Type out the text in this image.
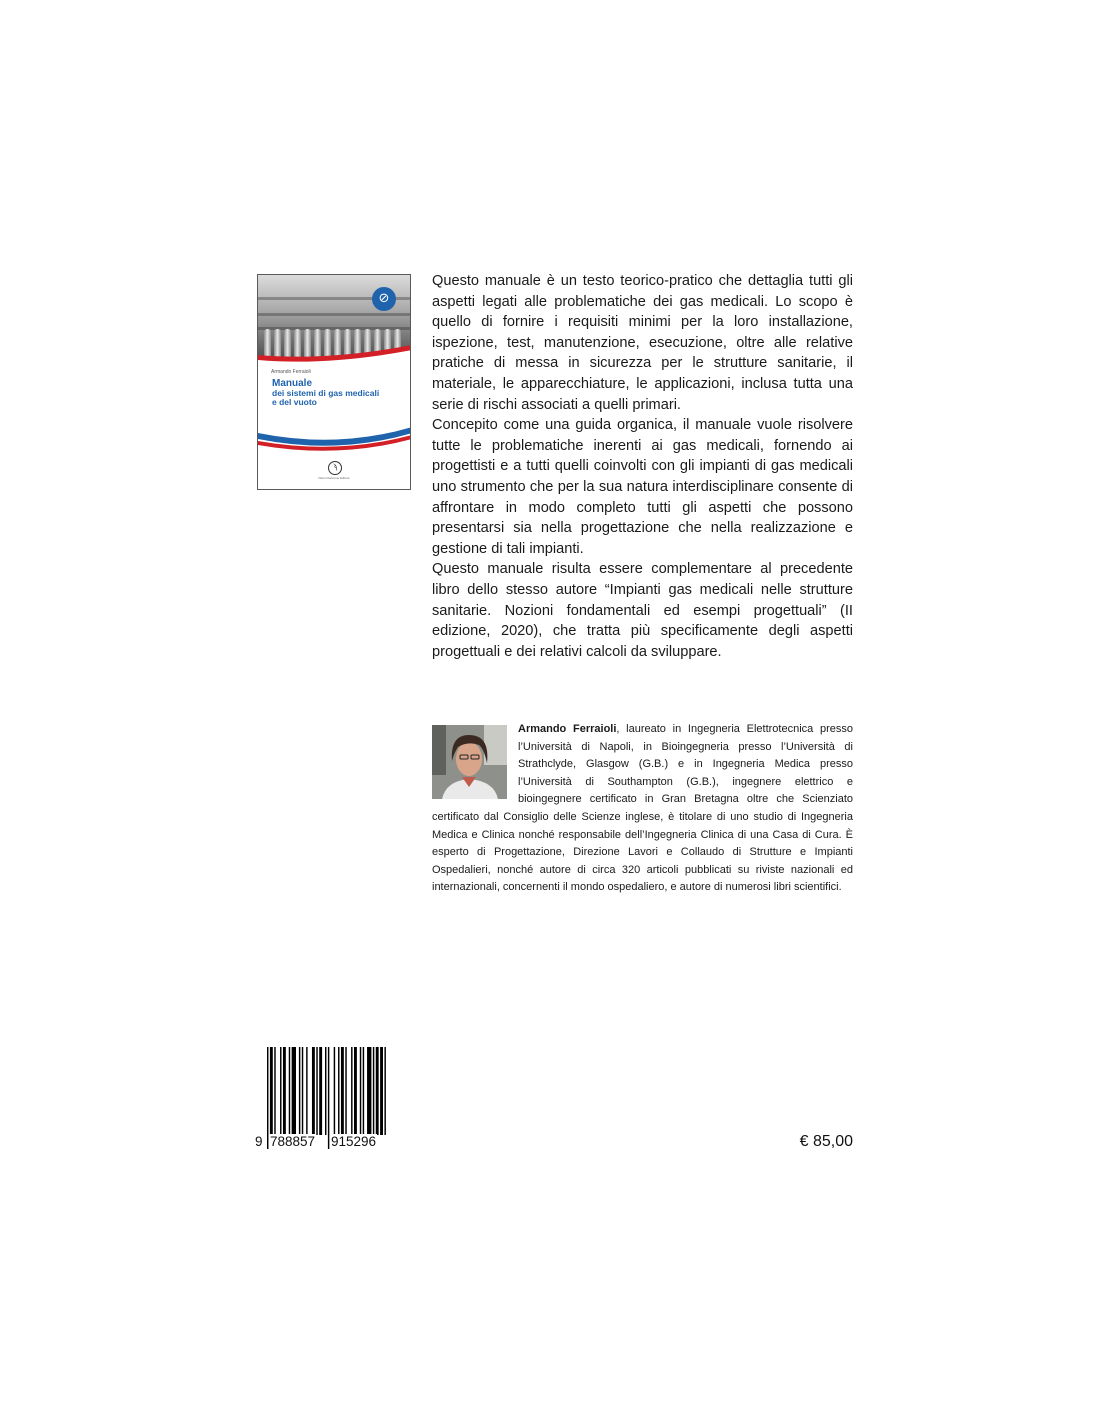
⊘
Armando Ferraioli
Manuale
dei sistemi di gas medicali
e del vuoto
ϡ
Dario Flaccovio Editore

Questo manuale è un testo teorico-pratico che dettaglia tutti gli aspetti legati alle problematiche dei gas medicali. Lo scopo è quello di fornire i requisiti minimi per la loro installazione, ispezione, test, manutenzione, esecuzione, oltre alle relative pratiche di messa in sicurezza per le strutture sanitarie, il materiale, le apparecchiature, le applicazioni, inclusa tutta una serie di rischi associati a quelli primari.

Concepito come una guida organica, il manuale vuole risolvere tutte le problematiche inerenti ai gas medicali, fornendo ai progettisti e a tutti quelli coinvolti con gli impianti di gas medicali uno strumento che per la sua natura interdisciplinare consente di affrontare in modo completo tutti gli aspetti che possono presentarsi sia nella progettazione che nella realizzazione e gestione di tali impianti.

Questo manuale risulta essere complementare al precedente libro dello stesso autore “Impianti gas medicali nelle strutture sanitarie. Nozioni fondamentali ed esempi progettuali” (II edizione, 2020), che tratta più specificamente degli aspetti progettuali e dei relativi calcoli da sviluppare.

Armando Ferraioli, laureato in Ingegneria Elettrotecnica presso l’Università di Napoli, in Bioingegneria presso l’Università di Strathclyde, Glasgow (G.B.) e in Ingegneria Medica presso l’Università di Southampton (G.B.), ingegnere elettrico e bioingegnere certificato in Gran Bretagna oltre che Scienziato certificato dal Consiglio delle Scienze inglese, è titolare di uno studio di Ingegneria Medica e Clinica nonché responsabile dell’Ingegneria Clinica di una Casa di Cura. È esperto di Progettazione, Direzione Lavori e Collaudo di Strutture e Impianti Ospedalieri, nonché autore di circa 320 articoli pubblicati su riviste nazionali ed internazionali, concernenti il mondo ospedaliero, e autore di numerosi libri scientifici.

9 788857 915296	€ 85,00
